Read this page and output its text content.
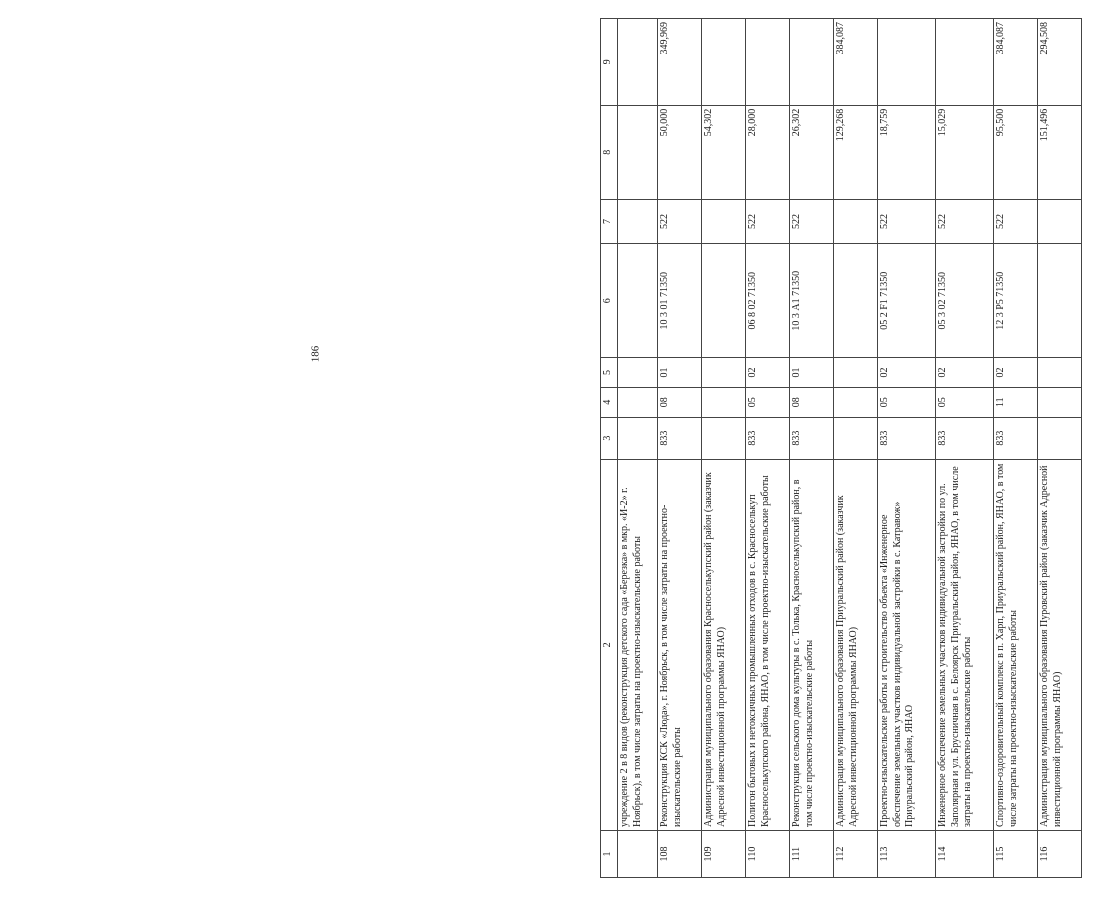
186
1	2	3	4	5	6	7	8	9
	учреждение 2 в 8 видов (реконструкция детского сада «Березка» в мкр. «И-2» г. Ноябрьск), в том числе затраты на проектно-изыскательские работы							
108	Реконструкция КСК «Люда», г. Ноябрьск, в том числе затраты на проектно-изыскательские работы	833	08	01	10 3 01 71350	522	50,000	349,969
109	Администрация муниципального образования Красноселькупский район (заказчик Адресной инвестиционной программы ЯНАО)						54,302	
110	Полигон бытовых и нетоксичных промышленных отходов в с. Красноселькуп Красноселькупского района, ЯНАО, в том числе проектно-изыскательские работы	833	05	02	06 8 02 71350	522	28,000	
111	Реконструкция сельского дома культуры в с. Толька, Красноселькупский район, в том числе проектно-изыскательские работы	833	08	01	10 3 А1 71350	522	26,302	
112	Администрация муниципального образования Приуральский район (заказчик Адресной инвестиционной программы ЯНАО)						129,268	384,087
113	Проектно-изыскательские работы и строительство объекта «Инженерное обеспечение земельных участков индивидуальной застройки в с. Катравож» Приуральский район, ЯНАО	833	05	02	05 2 F1 71350	522	18,759	
114	Инженерное обеспечение земельных участков индивидуальной застройки по ул. Заполярная и ул. Брусничная в с. Белоярск Приуральский район, ЯНАО, в том числе затраты на проектно-изыскательские работы	833	05	02	05 3 02 71350	522	15,029	
115	Спортивно-оздоровительный комплекс в п. Харп, Приуральский район, ЯНАО, в том числе затраты на проектно-изыскательские работы	833	11	02	12 3 P5 71350	522	95,500	384,087
116	Администрация муниципального образования Пуровский район (заказчик Адресной инвестиционной программы ЯНАО)						151,496	294,508
